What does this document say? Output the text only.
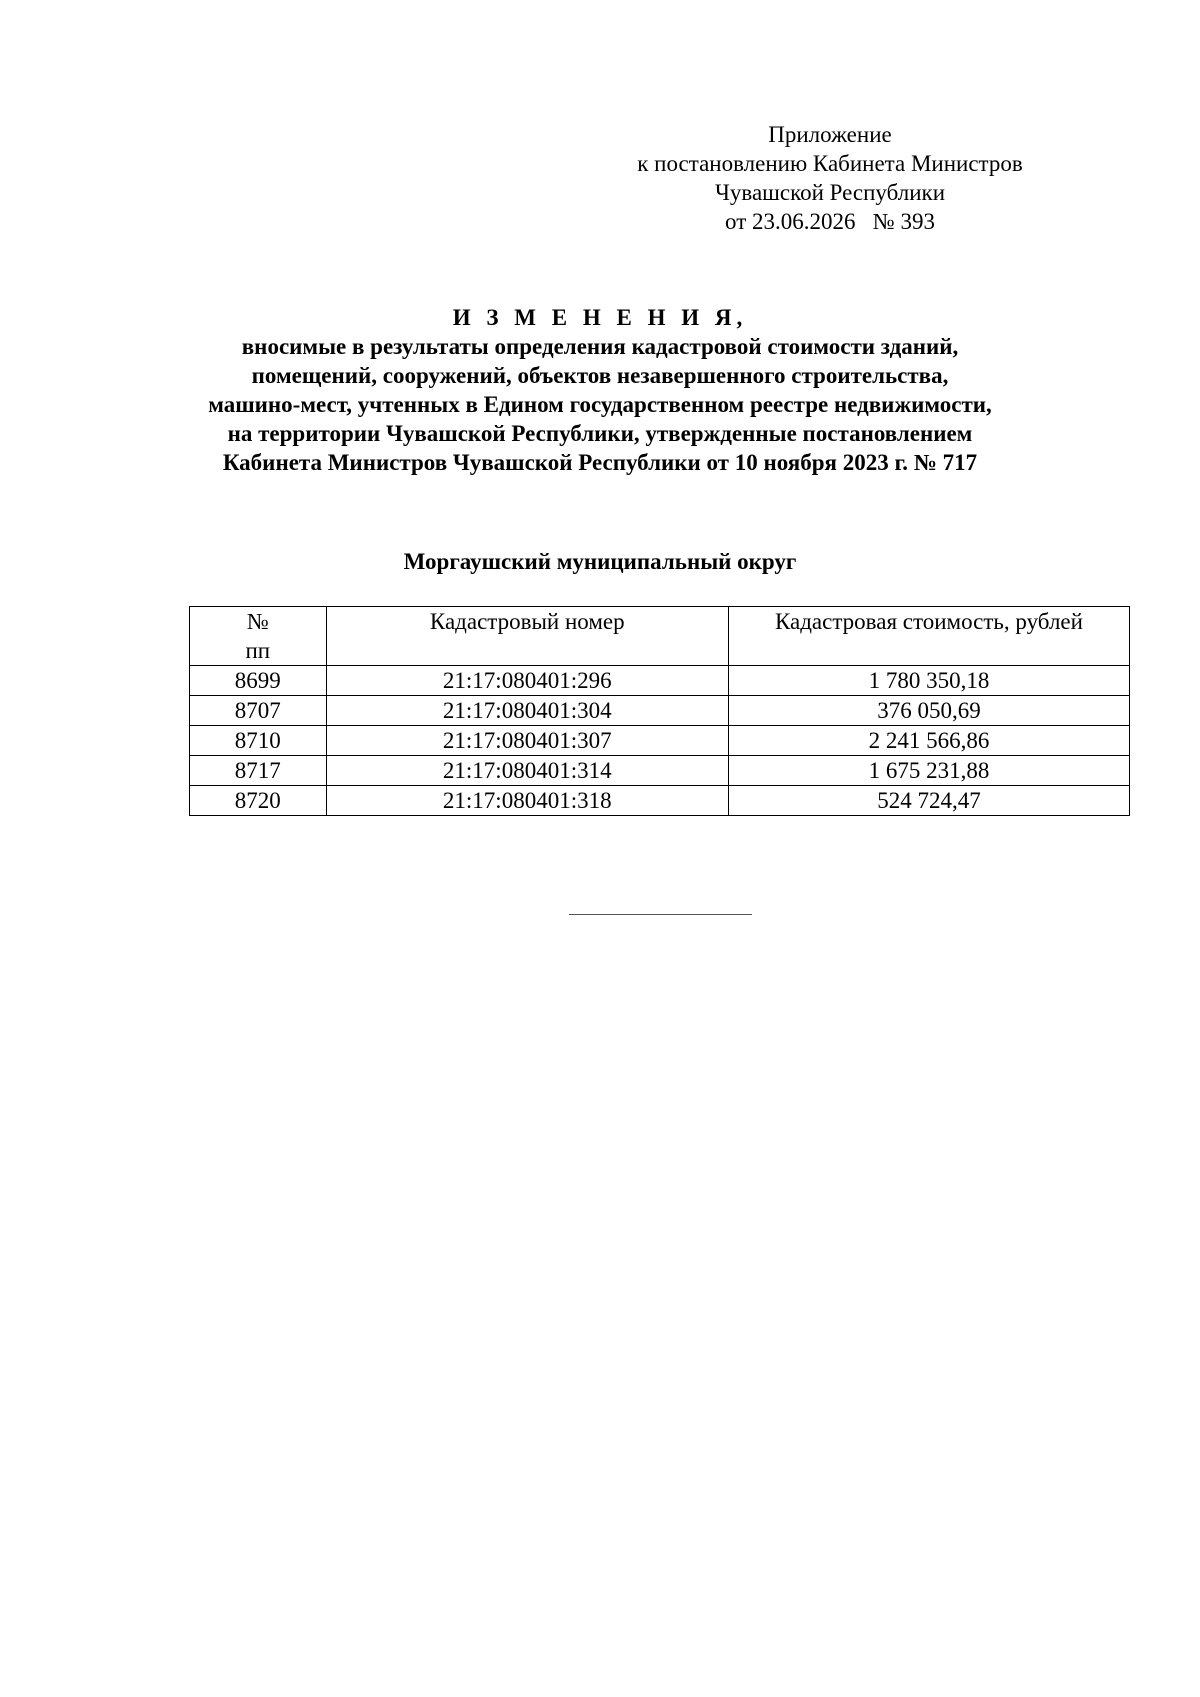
Приложение
к постановлению Кабинета Министров
Чувашской Республики
от 23.06.2026   № 393
И З М Е Н Е Н И Я,
вносимые в результаты определения кадастровой стоимости зданий,
помещений, сооружений, объектов незавершенного строительства,
машино-мест, учтенных в Едином государственном реестре недвижимости,
на территории Чувашской Республики, утвержденные постановлением
Кабинета Министров Чувашской Республики от 10 ноября 2023 г. № 717
Моргаушский муниципальный округ
№
пп	Кадастровый номер	Кадастровая стоимость, рублей
8699	21:17:080401:296	1 780 350,18
8707	21:17:080401:304	376 050,69
8710	21:17:080401:307	2 241 566,86
8717	21:17:080401:314	1 675 231,88
8720	21:17:080401:318	524 724,47
